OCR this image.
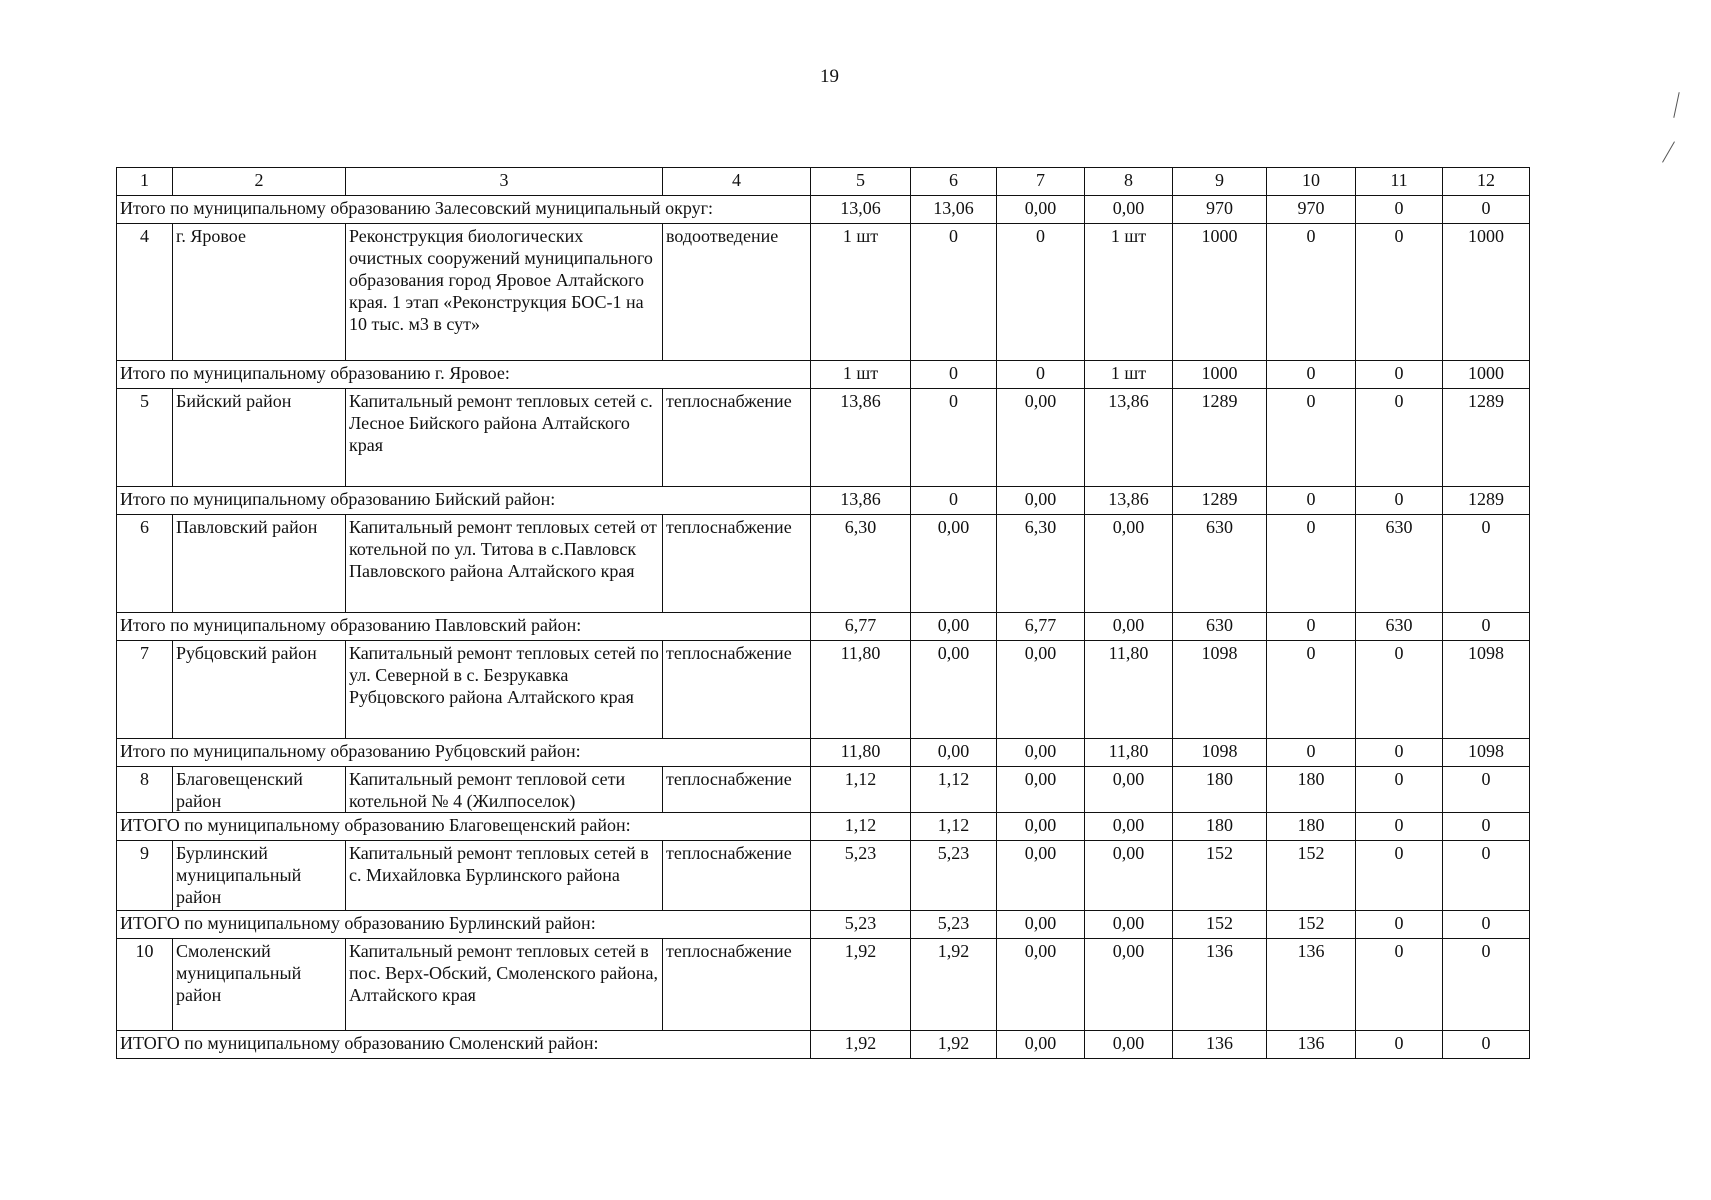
19
1	2	3	4	5	6	7	8	9	10	11	12
Итого по муниципальному образованию Залесовский муниципальный округ:				13,06	13,06	0,00	0,00	970	970	0	0
4	г. Яровое	Реконструкция биологических очистных сооружений муниципального образования город Яровое Алтайского края. 1 этап «Реконструкция БОС-1 на 10 тыс. м3 в сут»	водоотведение	1 шт	0	0	1 шт	1000	0	0	1000
Итого по муниципальному образованию г. Яровое:				1 шт	0	0	1 шт	1000	0	0	1000
5	Бийский район	Капитальный ремонт тепловых сетей с. Лесное Бийского района Алтайского края	теплоснабжение	13,86	0	0,00	13,86	1289	0	0	1289
Итого по муниципальному образованию Бийский район:				13,86	0	0,00	13,86	1289	0	0	1289
6	Павловский район	Капитальный ремонт тепловых сетей от котельной по ул. Титова в с.Павловск Павловского района Алтайского края	теплоснабжение	6,30	0,00	6,30	0,00	630	0	630	0
Итого по муниципальному образованию Павловский район:				6,77	0,00	6,77	0,00	630	0	630	0
7	Рубцовский район	Капитальный ремонт тепловых сетей по ул. Северной в с. Безрукавка Рубцовского района Алтайского края	теплоснабжение	11,80	0,00	0,00	11,80	1098	0	0	1098
Итого по муниципальному образованию Рубцовский район:				11,80	0,00	0,00	11,80	1098	0	0	1098
8	Благовещенский район	Капитальный ремонт тепловой сети котельной № 4 (Жилпоселок)	теплоснабжение	1,12	1,12	0,00	0,00	180	180	0	0
ИТОГО по муниципальному образованию Благовещенский район:				1,12	1,12	0,00	0,00	180	180	0	0
9	Бурлинский муниципальный район	Капитальный ремонт тепловых сетей в с. Михайловка Бурлинского района	теплоснабжение	5,23	5,23	0,00	0,00	152	152	0	0
ИТОГО по муниципальному образованию Бурлинский район:				5,23	5,23	0,00	0,00	152	152	0	0
10	Смоленский муниципальный район	Капитальный ремонт тепловых сетей в пос. Верх-Обский, Смоленского района, Алтайского края	теплоснабжение	1,92	1,92	0,00	0,00	136	136	0	0
ИТОГО по муниципальному образованию Смоленский район:				1,92	1,92	0,00	0,00	136	136	0	0
